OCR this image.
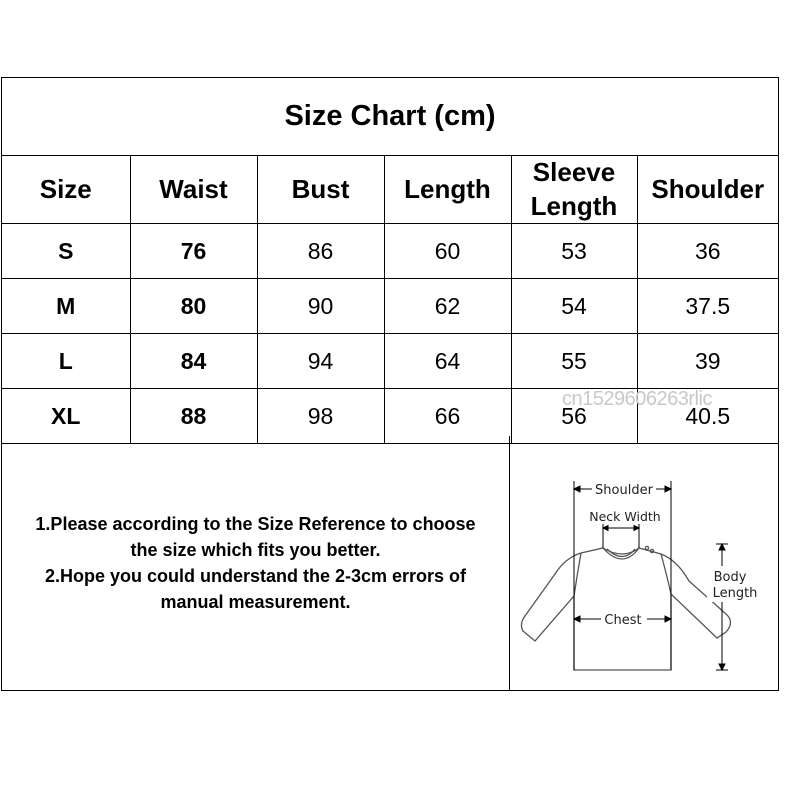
Size Chart (cm)
Size	Waist	Bust	Length	Sleeve Length	Shoulder
S	76	86	60	53	36
M	80	90	62	54	37.5
L	84	94	64	55	39
XL	88	98	66	56	40.5
1.Please according to the Size Reference to choose
the size which fits you better.
2.Hope you could understand the 2-3cm errors of
manual measurement.
Shoulder
Neck Width
Chest
Body
Length
cn1529606263rlic
